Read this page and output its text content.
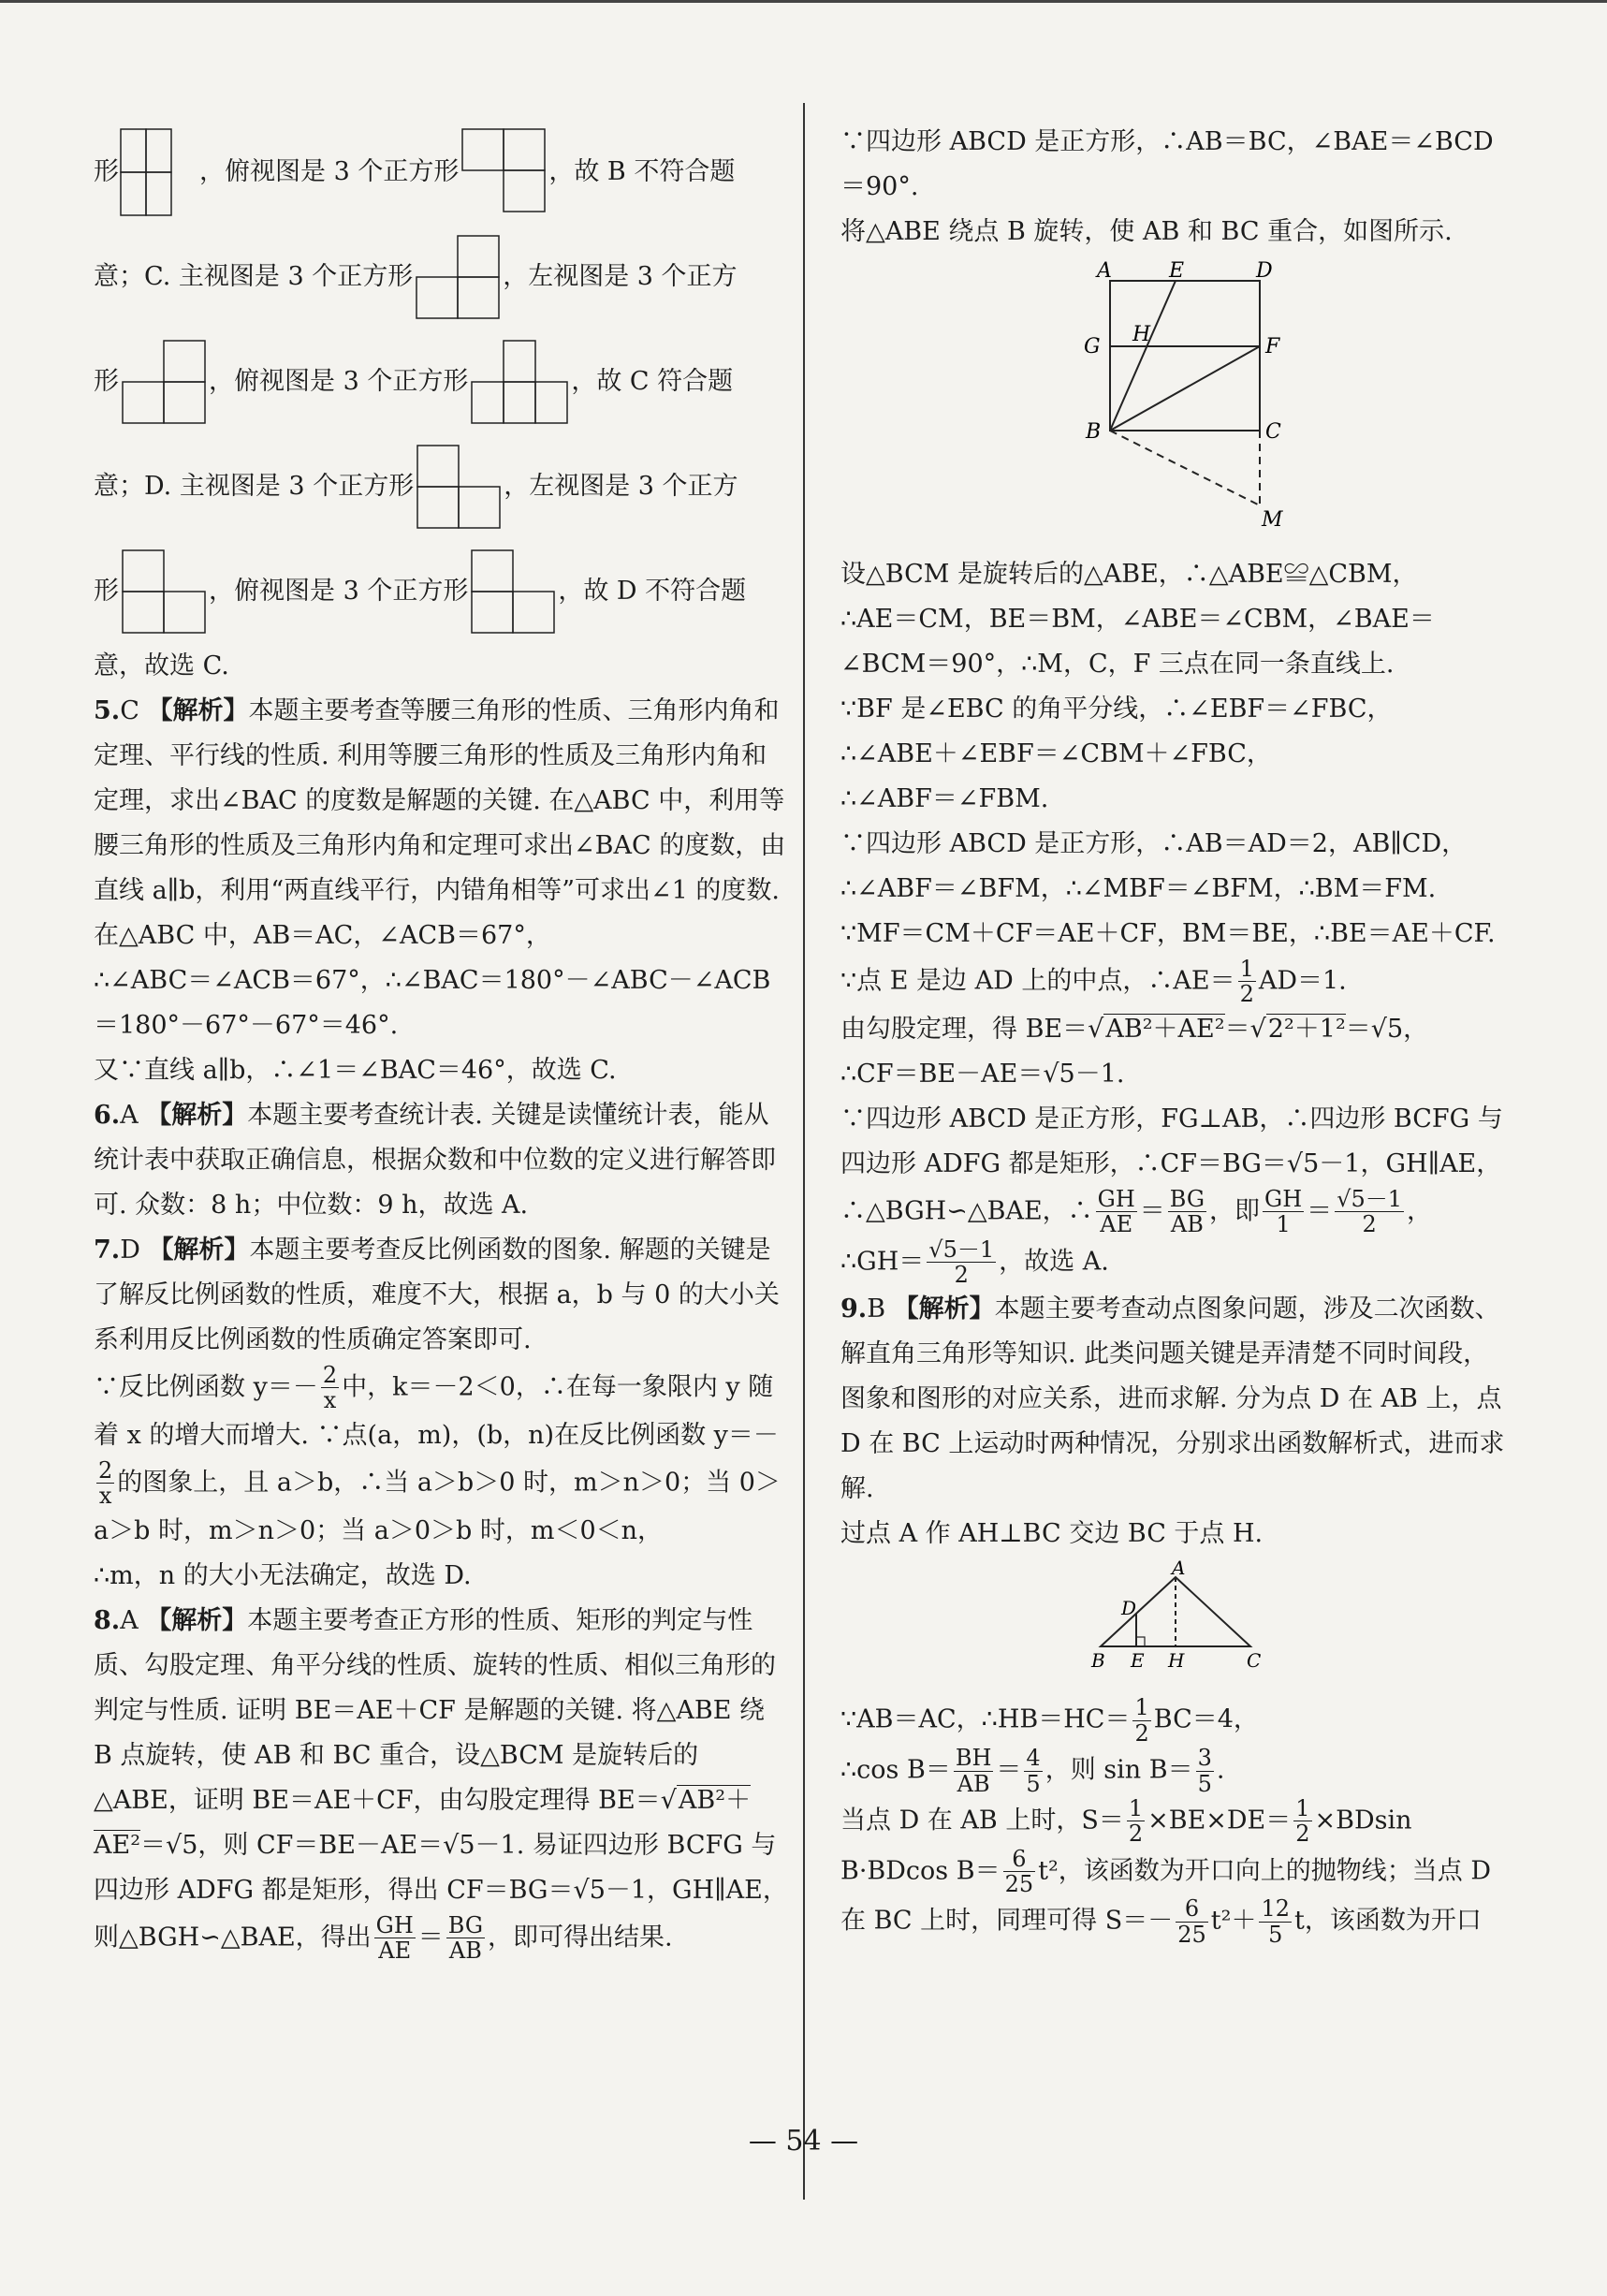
形	，俯视图是 3 个正方形	，故 B 不符合题
意；C. 主视图是 3 个正方形	，左视图是 3 个正方
形	，俯视图是 3 个正方形	，故 C 符合题
意；D. 主视图是 3 个正方形	，左视图是 3 个正方
形	，俯视图是 3 个正方形	，故 D 不符合题

意，故选 C.

5.C 【解析】本题主要考查等腰三角形的性质、三角形内角和定理、平行线的性质. 利用等腰三角形的性质及三角形内角和定理，求出∠BAC 的度数是解题的关键. 在△ABC 中，利用等腰三角形的性质及三角形内角和定理可求出∠BAC 的度数，由直线 a∥b，利用“两直线平行，内错角相等”可求出∠1 的度数.

在△ABC 中，AB＝AC，∠ACB＝67°，

∴∠ABC＝∠ACB＝67°，∴∠BAC＝180°－∠ABC－∠ACB＝180°－67°－67°＝46°.

又∵直线 a∥b，∴∠1＝∠BAC＝46°，故选 C.

6.A 【解析】本题主要考查统计表. 关键是读懂统计表，能从统计表中获取正确信息，根据众数和中位数的定义进行解答即可. 众数：8 h；中位数：9 h，故选 A.

7.D 【解析】本题主要考查反比例函数的图象. 解题的关键是了解反比例函数的性质，难度不大，根据 a，b 与 0 的大小关系利用反比例函数的性质确定答案即可.

∵反比例函数 $y=- \frac{2}{x}$ 中，k＝－2＜0，∴在每一象限内 y 随着 x 的增大而增大. ∵点(a，m)，(b，n)在反比例函数 y＝－
$\frac{2}{x}$ 的图象上，且 a＞b，∴当 a＞b＞0 时，m＞n＞0；当 0＞a＞b 时，m＞n＞0；当 a＞0＞b 时，m＜0＜n，

∴m，n 的大小无法确定，故选 D.

8.A 【解析】本题主要考查正方形的性质、矩形的判定与性质、勾股定理、角平分线的性质、旋转的性质、相似三角形的判定与性质. 证明 BE＝AE＋CF 是解题的关键. 将△ABE 绕 B 点旋转，使 AB 和 BC 重合，设△BCM 是旋转后的△ABE，证明 BE＝AE＋CF，由勾股定理得 BE＝√AB²＋AE²＝√5，则 CF＝BE－AE＝√5－1. 易证四边形 BCFG 与四边形 ADFG 都是矩形，得出 CF＝BG＝√5－1，GH∥AE，则△BGH∽△BAE，得出 $\frac{GH}{AE} = \frac{BG}{AB}$ ，即可得出结果.

∵四边形 ABCD 是正方形，∴AB＝BC，∠BAE＝∠BCD＝90°.

将△ABE 绕点 B 旋转，使 AB 和 BC 重合，如图所示.

A	E	D
G
H
F
B	C
M

设△BCM 是旋转后的△ABE，∴△ABE≌△CBM，

∴AE＝CM，BE＝BM，∠ABE＝∠CBM，∠BAE＝∠BCM＝90°，∴M，C，F 三点在同一条直线上.

∵BF 是∠EBC 的角平分线，∴∠EBF＝∠FBC，

∴∠ABE＋∠EBF＝∠CBM＋∠FBC，

∴∠ABF＝∠FBM.

∵四边形 ABCD 是正方形，∴AB＝AD＝2，AB∥CD，

∴∠ABF＝∠BFM，∴∠MBF＝∠BFM，∴BM＝FM.

∵MF＝CM＋CF＝AE＋CF，BM＝BE，∴BE＝AE＋CF. ∵点 E 是边 AD 上的中点，∴AE＝ $\frac{1}{2} AD=1$.

由勾股定理，得 BE＝√AB²＋AE²＝√2²＋1²＝√5，

∴CF＝BE－AE＝√5－1.

∵四边形 ABCD 是正方形，FG⊥AB，∴四边形 BCFG 与四边形 ADFG 都是矩形，∴CF＝BG＝√5－1，GH∥AE，∴△BGH∽△BAE，∴ $\frac{GH}{AE} = \frac{BG}{AB}$ ，即 $\frac{GH}{1} = \frac{√5-1}{2}$ ，

∴GH＝ $\frac{√5-1}{2}$ ，故选 A.

9.B 【解析】本题主要考查动点图象问题，涉及二次函数、解直角三角形等知识. 此类问题关键是弄清楚不同时间段，图象和图形的对应关系，进而求解. 分为点 D 在 AB 上，点 D 在 BC 上运动时两种情况，分别求出函数解析式，进而求解.

过点 A 作 AH⊥BC 交边 BC 于点 H.

A
D
B E H	C

∵AB＝AC，∴HB＝HC＝ $\frac{1}{2} BC=4$，

∴cos $B= \frac{BH}{AB} = \frac{4}{5}$ ，则 $\sin B= \frac{3}{5}$ .

当点 D 在 AB 上时，$S= \frac{1}{2} \times BE\times DE= \frac{1}{2} \times BDsin$ B·BDcos $B= \frac{6}{25} t^2$，该函数为开口向上的抛物线；当点 D 在 BC 上时，同理可得 $S=- \frac{6}{25} t^2+ \frac{12}{5}$ t，该函数为开口

— 54 —
